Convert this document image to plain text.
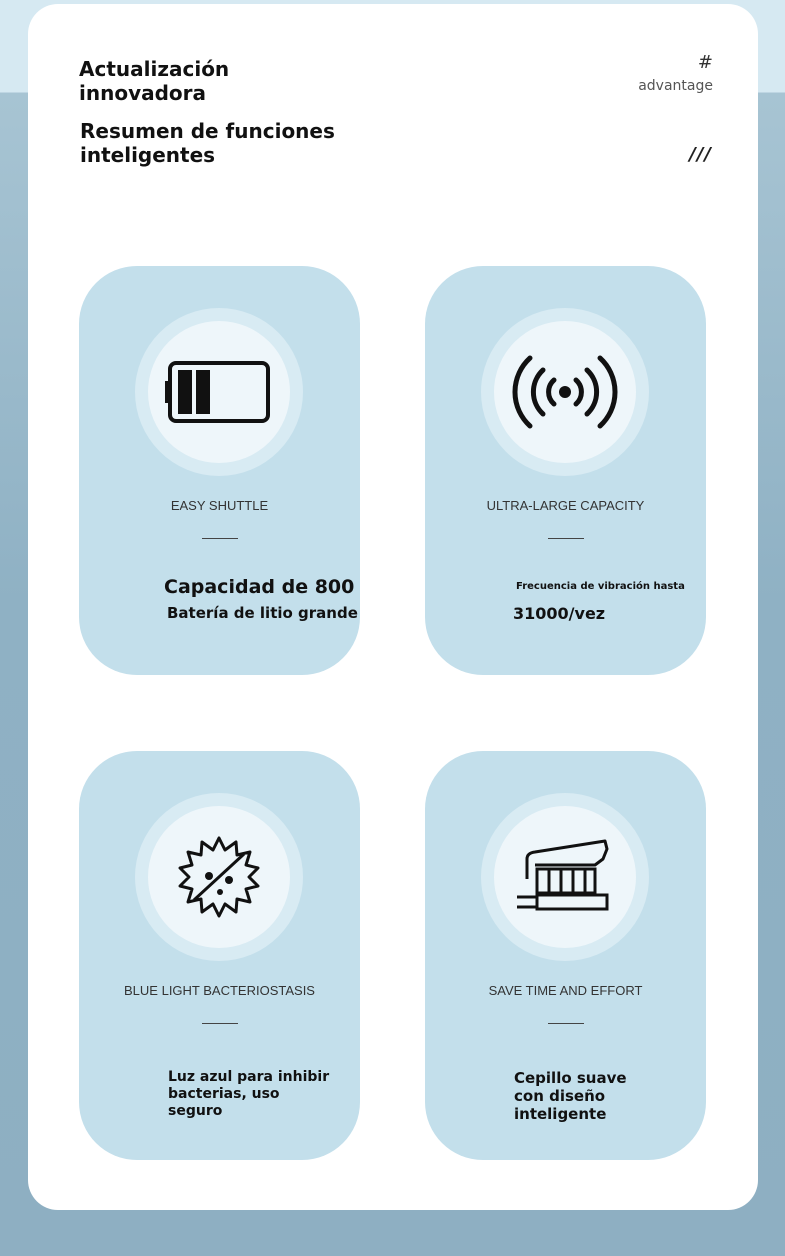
Actualización innovadora
Resumen de funciones inteligentes
#
advantage
///
EASY SHUTTLE
Capacidad de 800
Batería de litio grande
ULTRA-LARGE CAPACITY
Frecuencia de vibración hasta
31000/vez
BLUE LIGHT BACTERIOSTASIS
Luz azul para inhibir bacterias, uso seguro
SAVE TIME AND EFFORT
Cepillo suave con diseño inteligente
